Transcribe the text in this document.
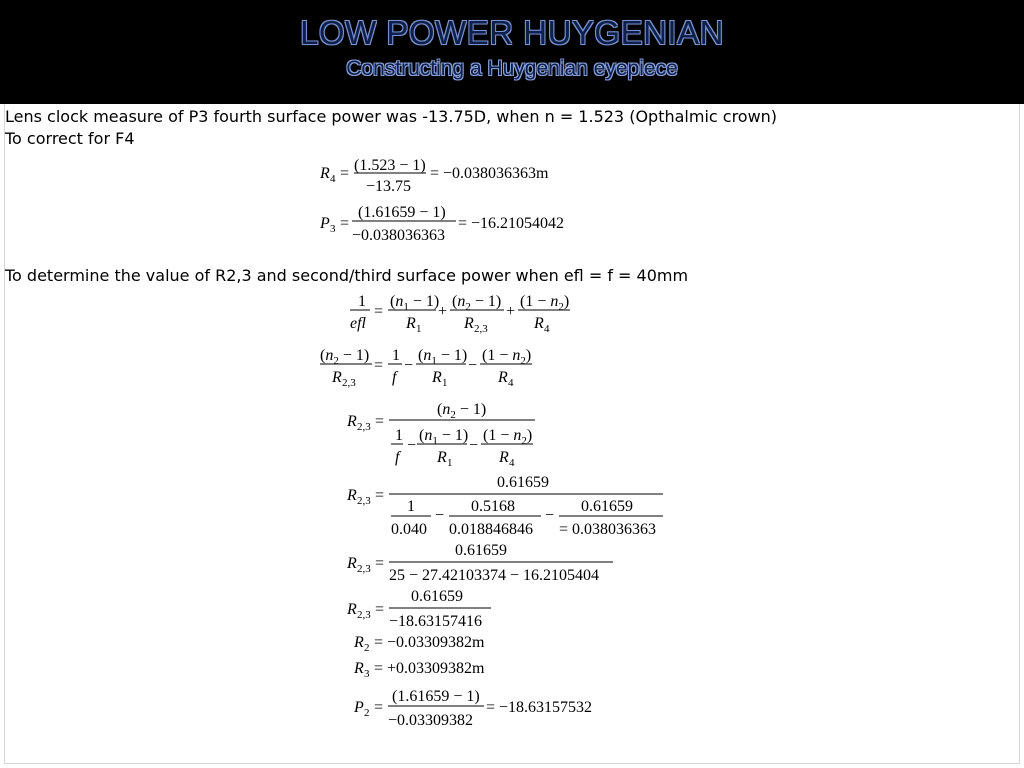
LOW POWER HUYGENIAN
Constructing a Huygenian eyepiece
Lens clock measure of P3 fourth surface power was -13.75D, when n = 1.523 (Opthalmic crown)
To correct for F4
R 4 = (1.523 − 1)
−13.75
= −0.038036363m
P 3 =
(1.61659 − 1)
−0.038036363
= −16.21054042
To determine the value of R2,3 and second/third surface power when efl = f = 40mm
1
efl
=
$(n_1 - 1)$
R 1
+
$(n_2 - 1)$
R 2,3
+
$(1 - n_2)$
R 4
$(n_2 - 1)$
R 2,3
=
1
f
−
$(n_1 - 1)$
R 1
−
$(1 - n_2)$
R 4
R 2,3 =
$(n_2 - 1)$
1
f
−
$(n_1 - 1)$
R 1
−
$(1 - n_2)$
R 4
R 2,3 =
0.61659
1
0.040
−
0.5168
0.018846846
−
0.61659
= 0.038036363
R 2,3 =
0.61659
25 − 27.42103374 − 16.2105404
R 2,3 =
0.61659
−18.63157416
R 2 = −0.03309382m
R 3 = +0.03309382m
P 2 =
(1.61659 − 1)
−0.03309382
= −18.63157532
